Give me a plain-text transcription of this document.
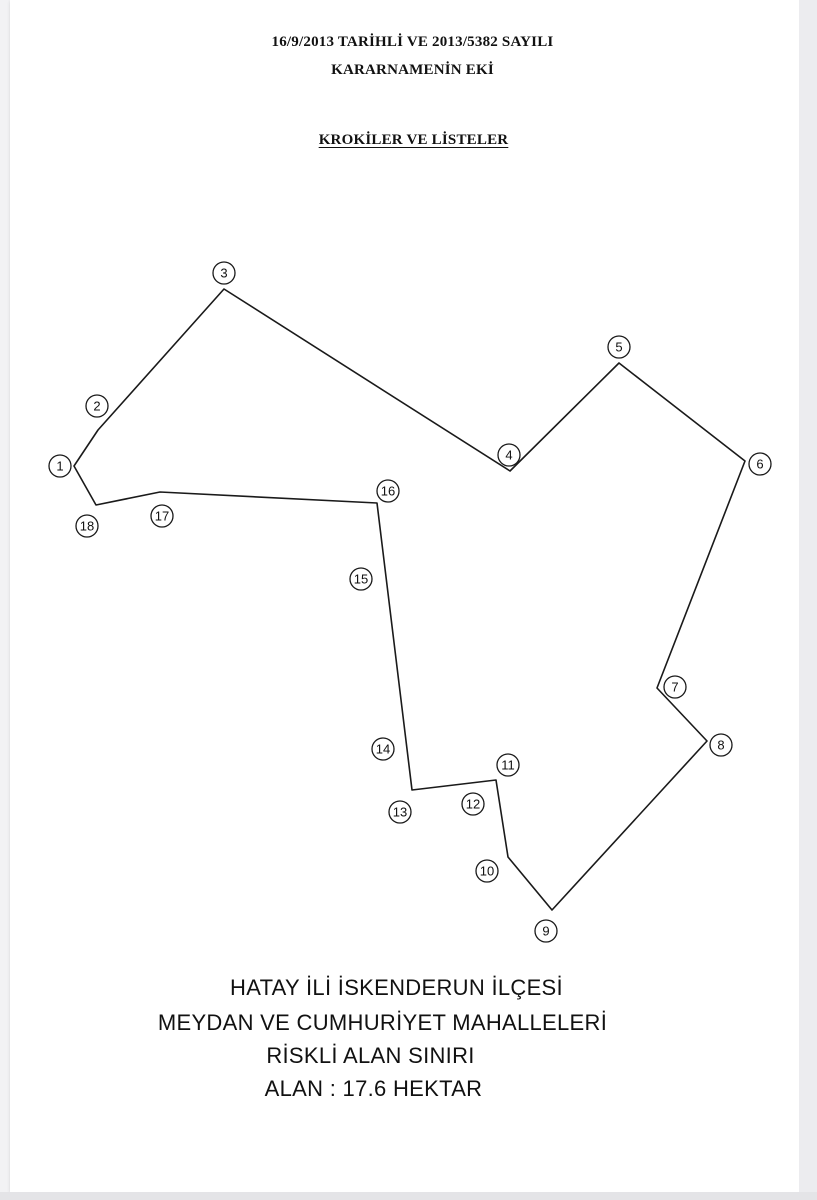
16/9/2013 TARİHLİ VE 2013/5382 SAYILI
KARARNAMENİN EKİ
KROKİLER VE LİSTELER
1
2
3
4
5
6
7
8
9
10
11
12
13
14
15
16
17
18
HATAY İLİ İSKENDERUN İLÇESİ
MEYDAN VE CUMHURİYET MAHALLELERİ
RİSKLİ ALAN SINIRI
ALAN : 17.6 HEKTAR
